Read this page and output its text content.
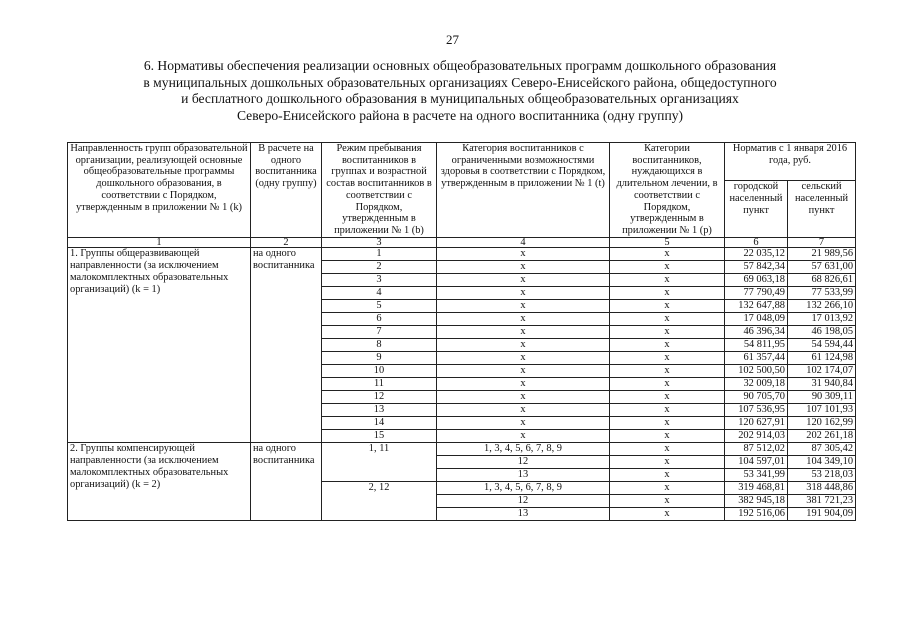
27
6. Нормативы обеспечения реализации основных общеобразовательных программ дошкольного образования
в муниципальных дошкольных образовательных организациях Северо-Енисейского района, общедоступного
и бесплатного дошкольного образования в муниципальных общеобразовательных организациях
Северо-Енисейского района в расчете на одного воспитанника (одну группу)
Направленность групп образовательной организации, реализующей основные общеобразовательные программы дошкольного образования, в соответствии с Порядком, утвержденным в приложении № 1 (k)	В расчете на одного воспитанника (одну группу)	Режим пребывания воспитанников в группах и возрастной состав воспитанников в соответствии с Порядком, утвержденным в приложении № 1 (b)	Категория воспитанников с ограниченными возможностями здоровья в соответствии с Порядком, утвержденным в приложении № 1 (t)	Категории воспитанников, нуждающихся в длительном лечении, в соответствии с Порядком, утвержденным в приложении № 1 (p)	Норматив с 1 января 2016 года, руб.	
					городской населенный пункт	сельский населенный пункт
1	2	3	4	5	6	7
1. Группы общеразвивающей направленности (за исключением малокомплектных образовательных организаций) (k = 1)	на одного воспитанника	1	х	х	22 035,12	21 989,56
		2	х	х	57 842,34	57 631,00
		3	х	х	69 063,18	68 826,61
		4	х	х	77 790,49	77 533,99
		5	х	х	132 647,88	132 266,10
		6	х	х	17 048,09	17 013,92
		7	х	х	46 396,34	46 198,05
		8	х	х	54 811,95	54 594,44
		9	х	х	61 357,44	61 124,98
		10	х	х	102 500,50	102 174,07
		11	х	х	32 009,18	31 940,84
		12	х	х	90 705,70	90 309,11
		13	х	х	107 536,95	107 101,93
		14	х	х	120 627,91	120 162,99
		15	х	х	202 914,03	202 261,18
2. Группы компенсирующей направленности (за исключением малокомплектных образовательных организаций) (k = 2)	на одного воспитанника	1, 11	1, 3, 4, 5, 6, 7, 8, 9	х	87 512,02	87 305,42
			12	х	104 597,01	104 349,10
			13	х	53 341,99	53 218,03
		2, 12	1, 3, 4, 5, 6, 7, 8, 9	х	319 468,81	318 448,86
			12	х	382 945,18	381 721,23
			13	х	192 516,06	191 904,09
